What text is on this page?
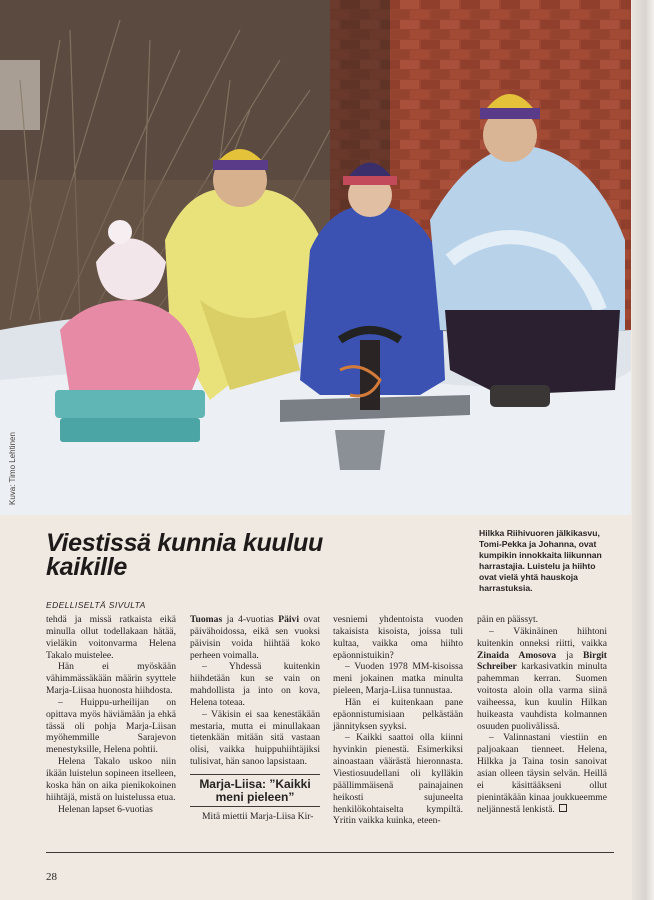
Kuva: Timo Lehtinen
Viestissä kunnia kuuluu
kaikille
Hilkka Riihivuoren jälkikasvu, Tomi-Pekka ja Johanna, ovat kumpikin innokkaita liikunnan harrastajia. Luistelu ja hiihto ovat vielä yhtä hauskoja harrastuksia.
EDELLISELTÄ SIVULTA

tehdä ja missä ratkaista eikä minulla ollut todellakaan hätää, vieläkin voitonvarma Helena Takalo muistelee.

Hän ei myöskään vähimmässäkään määrin syyttele Marja-Liisaa huonosta hiihdosta.

– Huippu-urheilijan on opittava myös häviämään ja ehkä tässä oli pohja Marja-Liisan myöhemmille Sarajevon menestyksille, Helena pohtii.

Helena Takalo uskoo niin ikään luistelun sopineen itselleen, koska hän on aika pienikokoinen hiihtäjä, mistä on luistelussa etua.

Helenan lapset 6-vuotias

Tuomas ja 4-vuotias Päivi ovat päivähoidossa, eikä sen vuoksi päivisin voida hiihtää koko perheen voimalla.

– Yhdessä kuitenkin hiihdetään kun se vain on mahdollista ja into on kova, Helena toteaa.

– Väkisin ei saa kenestäkään mestaria, mutta ei minullakaan tietenkään mitään sitä vastaan olisi, vaikka huippuhiihtäjiksi tulisivat, hän sanoo lapsistaan.

Marja-Liisa: ”Kaikki meni pieleen”

Mitä miettii Marja-Liisa Kir-

vesniemi yhdentoista vuoden takaisista kisoista, joissa tuli kultaa, vaikka oma hiihto epäonnistuikin?

– Vuoden 1978 MM-kisoissa meni jokainen matka minulta pieleen, Marja-Liisa tunnustaa.

Hän ei kuitenkaan pane epäonnistumisiaan pelkästään jännityksen syyksi.

– Kaikki saattoi olla kiinni hyvinkin pienestä. Esimerkiksi ainoastaan väärästä hieronnasta. Viestiosuudellani oli kylläkin päällimmäisenä painajainen heikosti sujuneelta henkilökohtaiselta kympiltä. Yritin vaikka kuinka, eteen-

päin en päässyt.

– Väkinäinen hiihtoni kuitenkin onneksi riitti, vaikka Zinaida Amosova ja Birgit Schreiber karkasivatkin minulta pahemman kerran. Suomen voitosta aloin olla varma siinä vaiheessa, kun kuulin Hilkan huikeasta vauhdista kolmannen osuuden puolivälissä.

– Valinnastani viestiin en paljoakaan tienneet. Helena, Hilkka ja Taina tosin sanoivat asian olleen täysin selvän. Heillä ei käsittääkseni ollut pienintäkään kinaa joukkueemme neljännestä lenkistä.

28
